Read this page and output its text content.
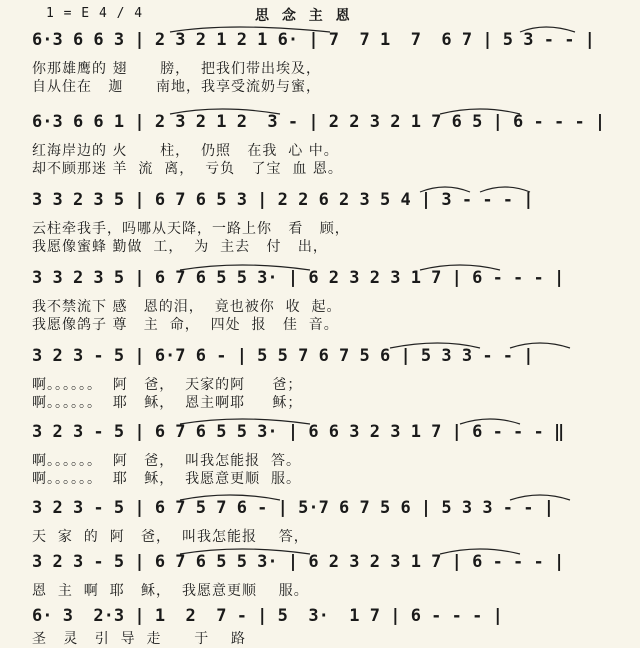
1 = E 4 / 4	思 念 主 恩
6·3 6 6 3 | 2 3 2 1 2 1 6· | 7  7 1  7  6 7 | 5 3 - - |
你那雄鹰的 翅      膀，  把我们带出埃及，
自从住在   迦      南地，我享受流奶与蜜，
6·3 6 6 1 | 2 3 2 1 2  3 - | 2 2 3 2 1 7 6 5 | 6 - - - |
红海岸边的 火      柱，  仍照   在我  心 中。
却不顾那迷 羊  流  离，  亏负   了宝  血 恩。
3 3 2 3 5 | 6 7 6 5 3 | 2 2 6 2 3 5 4 | 3 - - - |
云柱牵我手，吗哪从天降，一路上你   看   顾，
我愿像蜜蜂 勤做  工，  为  主去   付   出，
3 3 2 3 5 | 6 7 6 5 5 3· | 6 2 3 2 3 1 7 | 6 - - - |
我不禁流下 感   恩的泪，  竟也被你  收  起。
我愿像鸽子 尊   主  命，  四处  报   佳  音。
3 2 3 - 5 | 6·7 6 - | 5 5 7 6 7 5 6 | 5 3 3 - - |
啊。。。。。。  阿   爸，  天家的阿     爸；
啊。。。。。。  耶   稣，  恩主啊耶     稣；
3 2 3 - 5 | 6 7 6 5 5 3· | 6 6 3 2 3 1 7 | 6 - - - ‖
啊。。。。。。  阿   爸，  叫我怎能报  答。
啊。。。。。。  耶   稣，  我愿意更顺  服。
3 2 3 - 5 | 6 7 5 7 6 - | 5·7 6 7 5 6 | 5 3 3 - - |
天  家  的  阿   爸，  叫我怎能报    答，
3 2 3 - 5 | 6 7 6 5 5 3· | 6 2 3 2 3 1 7 | 6 - - - |
恩  主  啊  耶   稣，  我愿意更顺    服。
6· 3  2·3 | 1  2  7 - | 5  3·  1 7 | 6 - - - |
圣   灵   引  导  走      于    路
